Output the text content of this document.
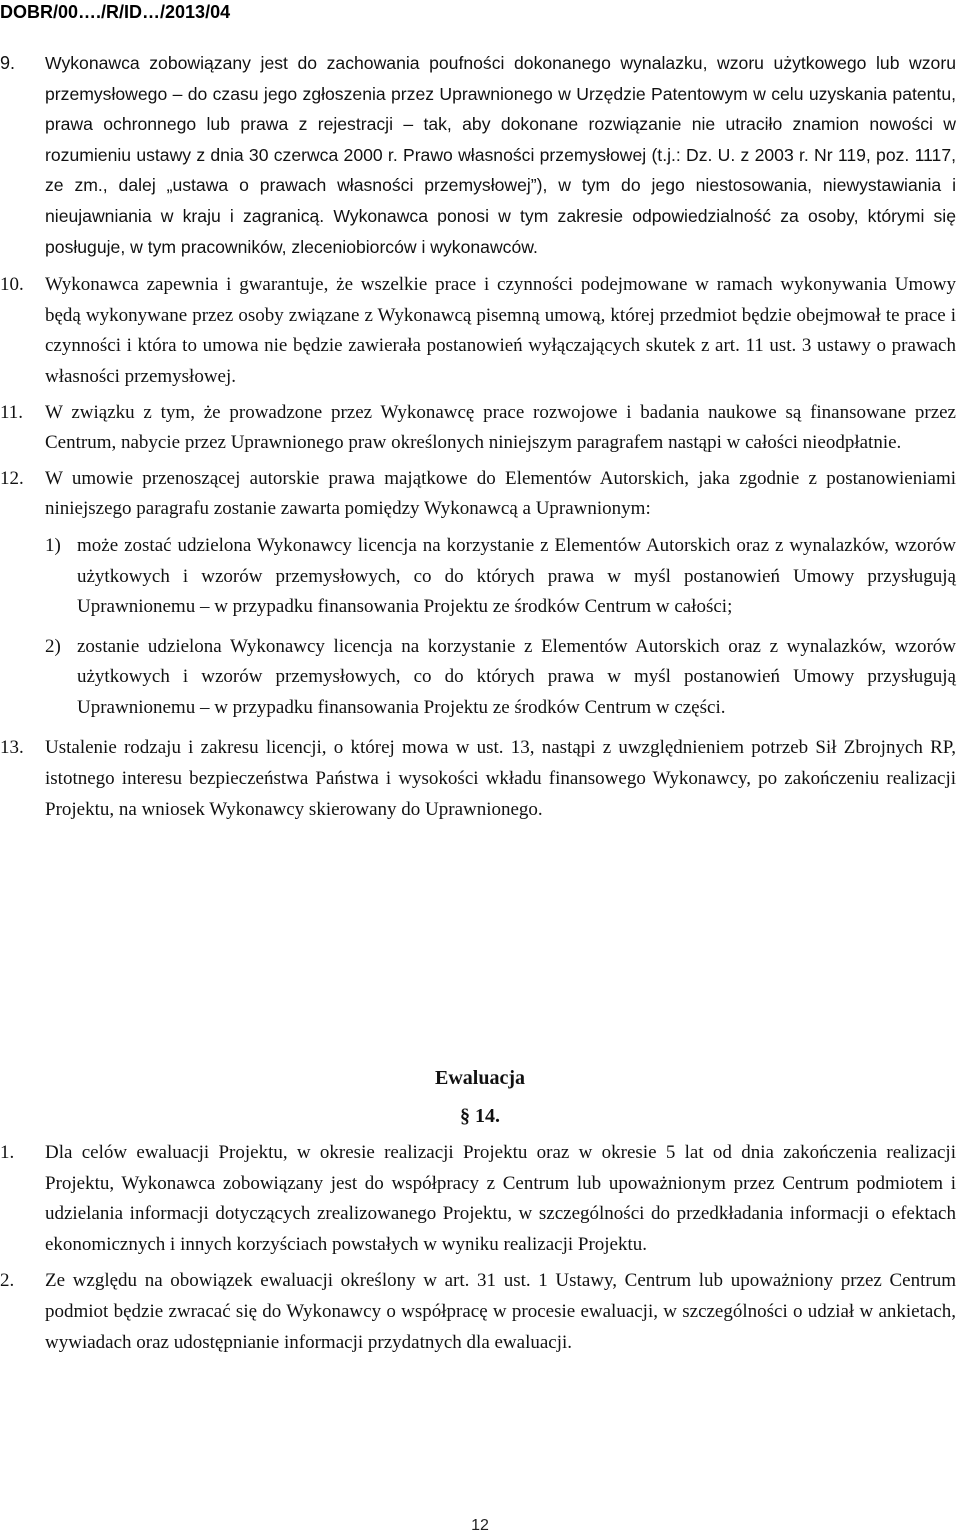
DOBR/00…./R/ID…/2013/04
9.	Wykonawca zobowiązany jest do zachowania poufności dokonanego wynalazku, wzoru użytkowego lub wzoru przemysłowego – do czasu jego zgłoszenia przez Uprawnionego w Urzędzie Patentowym w celu uzyskania patentu, prawa ochronnego lub prawa z rejestracji – tak, aby dokonane rozwiązanie nie utraciło znamion nowości w rozumieniu ustawy z dnia 30 czerwca 2000 r. Prawo własności przemysłowej (t.j.: Dz. U. z 2003 r. Nr 119, poz. 1117, ze zm., dalej „ustawa o prawach własności przemysłowej”), w tym do jego niestosowania, niewystawiania i nieujawniania w kraju i zagranicą. Wykonawca ponosi w tym zakresie odpowiedzialność za osoby, którymi się posługuje, w tym pracowników, zleceniobiorców i wykonawców.
10.	Wykonawca zapewnia i gwarantuje, że wszelkie prace i czynności podejmowane w ramach wykonywania Umowy będą wykonywane przez osoby związane z Wykonawcą pisemną umową, której przedmiot będzie obejmował te prace i czynności i która to umowa nie będzie zawierała postanowień wyłączających skutek z art. 11 ust. 3 ustawy o prawach własności przemysłowej.
11.	W związku z tym, że prowadzone przez Wykonawcę prace rozwojowe i badania naukowe są finansowane przez Centrum, nabycie przez Uprawnionego praw określonych niniejszym paragrafem nastąpi w całości nieodpłatnie.
12.	W umowie przenoszącej autorskie prawa majątkowe do Elementów Autorskich, jaka zgodnie z postanowieniami niniejszego paragrafu zostanie zawarta pomiędzy Wykonawcą a Uprawnionym:
1) może zostać udzielona Wykonawcy licencja na korzystanie z Elementów Autorskich oraz z wynalazków, wzorów użytkowych i wzorów przemysłowych, co do których prawa w myśl postanowień Umowy przysługują Uprawnionemu – w przypadku finansowania Projektu ze środków Centrum w całości;
2) zostanie udzielona Wykonawcy licencja na korzystanie z Elementów Autorskich oraz z wynalazków, wzorów użytkowych i wzorów przemysłowych, co do których prawa w myśl postanowień Umowy przysługują Uprawnionemu – w przypadku finansowania Projektu ze środków Centrum w części.
13.	Ustalenie rodzaju i zakresu licencji, o której mowa w ust. 13, nastąpi z uwzględnieniem potrzeb Sił Zbrojnych RP, istotnego interesu bezpieczeństwa Państwa i wysokości wkładu finansowego Wykonawcy, po zakończeniu realizacji Projektu, na wniosek Wykonawcy skierowany do Uprawnionego.
Ewaluacja
§ 14.
1.	Dla celów ewaluacji Projektu, w okresie realizacji Projektu oraz w okresie 5 lat od dnia zakończenia realizacji Projektu, Wykonawca zobowiązany jest do współpracy z Centrum lub upoważnionym przez Centrum podmiotem i udzielania informacji dotyczących zrealizowanego Projektu, w szczególności do przedkładania informacji o efektach ekonomicznych i innych korzyściach powstałych w wyniku realizacji Projektu.
2.	Ze względu na obowiązek ewaluacji określony w art. 31 ust. 1 Ustawy, Centrum lub upoważniony przez Centrum podmiot będzie zwracać się do Wykonawcy o współpracę w procesie ewaluacji, w szczególności o udział w ankietach, wywiadach oraz udostępnianie informacji przydatnych dla ewaluacji.
12
